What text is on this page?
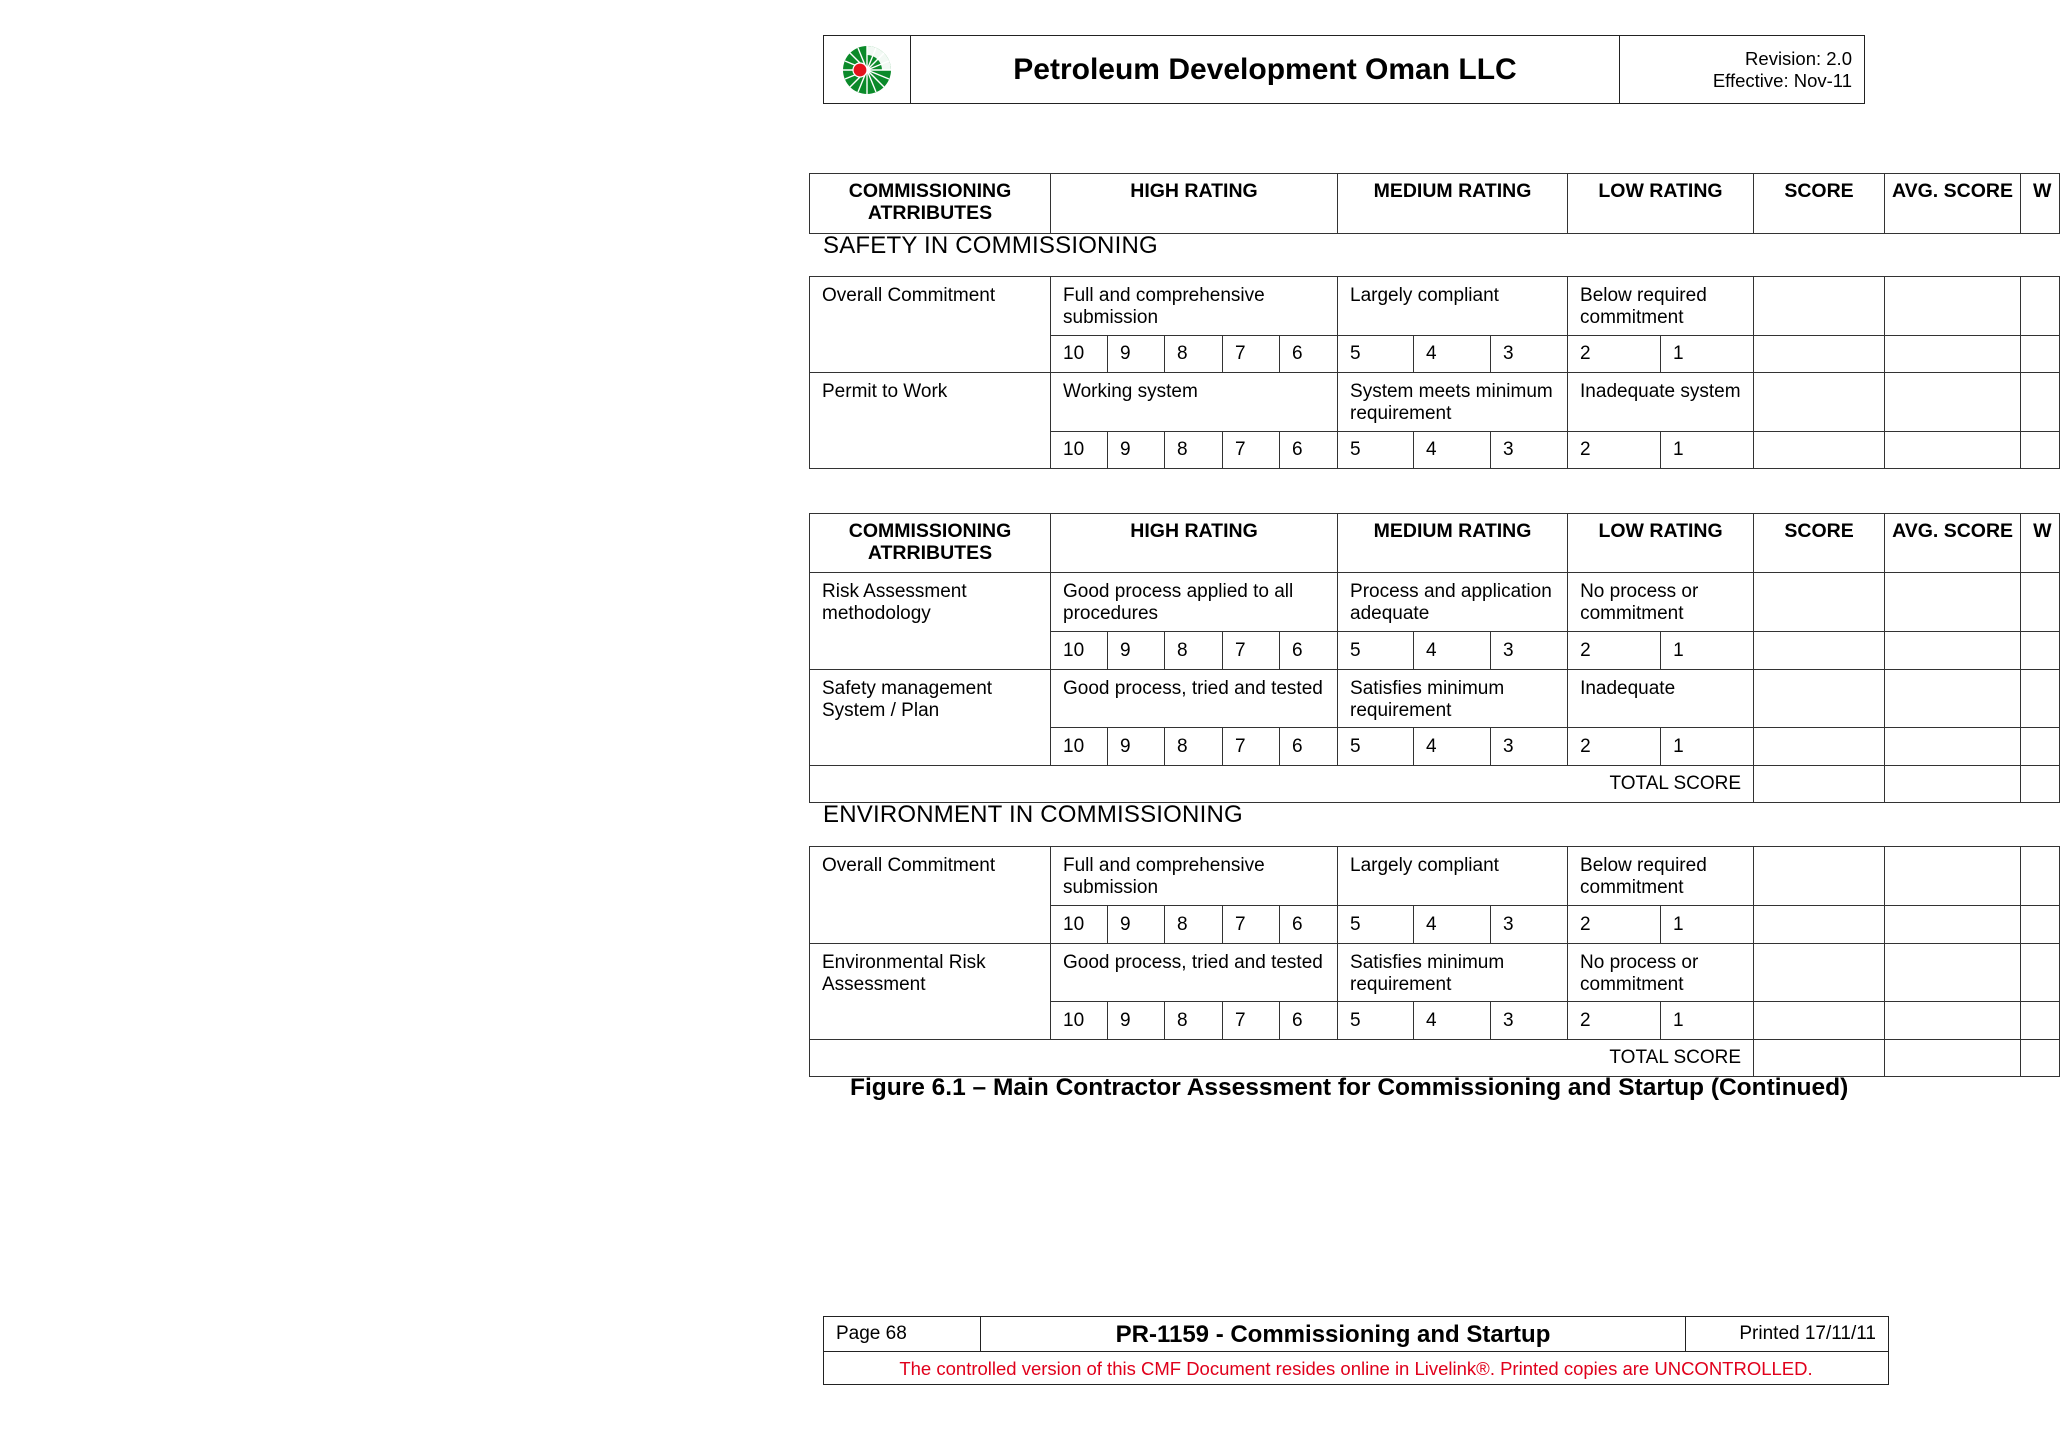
Petroleum Development Oman LLC	Revision: 2.0
Effective: Nov-11
COMMISSIONING ATRRIBUTES	HIGH RATING	MEDIUM RATING	LOW RATING	SCORE	AVG. SCORE	W
SAFETY IN COMMISSIONING
Overall Commitment	Full and comprehensive submission					Largely compliant			Below required commitment				
	10	9	8	7	6	5	4	3	2	1			
Permit to Work	Working system					System meets minimum requirement			Inadequate system				
	10	9	8	7	6	5	4	3	2	1			
COMMISSIONING ATRRIBUTES	HIGH RATING					MEDIUM RATING			LOW RATING		SCORE	AVG. SCORE	W
Risk Assessment methodology	Good process applied to all procedures					Process and application adequate			No process or commitment				
	10	9	8	7	6	5	4	3	2	1			
Safety management System / Plan	Good process, tried and tested					Satisfies minimum requirement			Inadequate				
	10	9	8	7	6	5	4	3	2	1			
TOTAL SCORE													
ENVIRONMENT IN COMMISSIONING
Overall Commitment	Full and comprehensive submission					Largely compliant			Below required commitment				
	10	9	8	7	6	5	4	3	2	1			
Environmental Risk Assessment	Good process, tried and tested					Satisfies minimum requirement			No process or commitment				
	10	9	8	7	6	5	4	3	2	1			
TOTAL SCORE													
Figure 6.1 – Main Contractor Assessment for Commissioning and Startup (Continued)
Page 68	PR-1159 - Commissioning and Startup	Printed 17/11/11
The controlled version of this CMF Document resides online in Livelink®. Printed copies are UNCONTROLLED.
